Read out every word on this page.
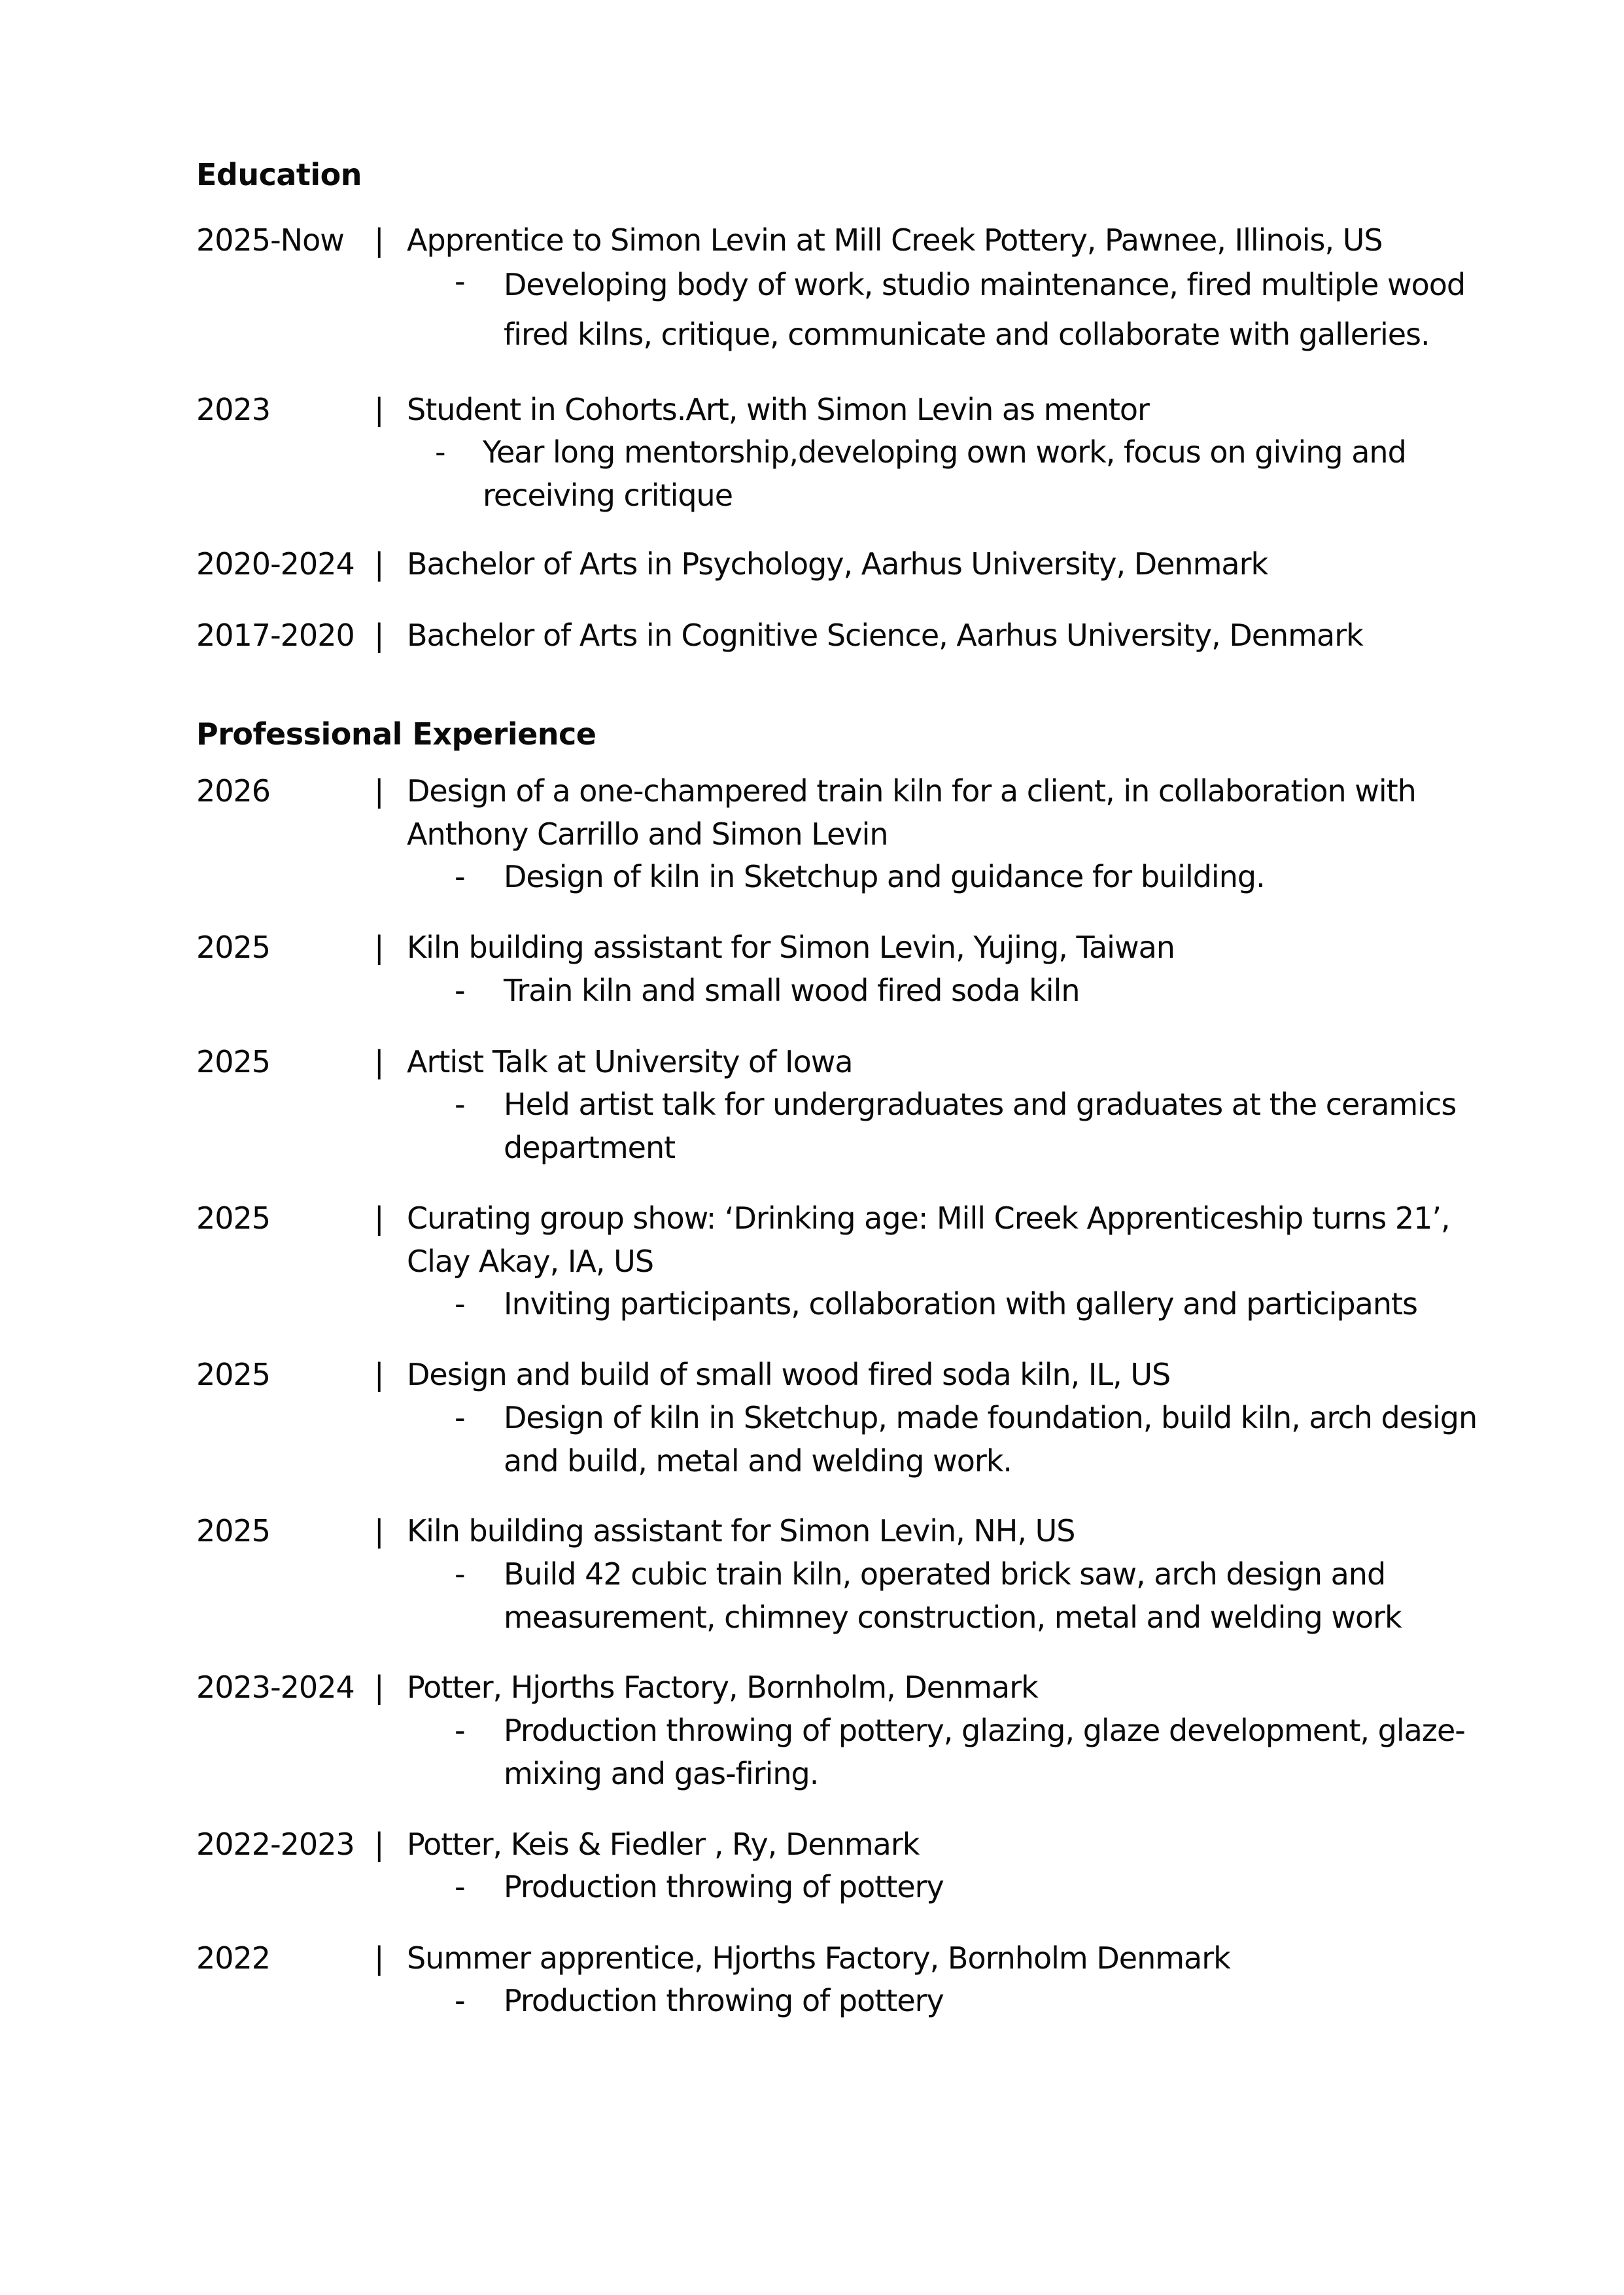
Education
2025-Now | Apprentice to Simon Levin at Mill Creek Pottery, Pawnee, Illinois, US
- Developing body of work, studio maintenance, fired multiple wood fired kilns, critique, communicate and collaborate with galleries.
2023	| Student in Cohorts.Art, with Simon Levin as mentor
- Year long mentorship,developing own work, focus on giving and receiving critique
2020-2024 | Bachelor of Arts in Psychology, Aarhus University, Denmark
2017-2020 | Bachelor of Arts in Cognitive Science, Aarhus University, Denmark
Professional Experience
2026	| Design of a one-champered train kiln for a client, in collaboration with Anthony Carrillo and Simon Levin
- Design of kiln in Sketchup and guidance for building.
2025	| Kiln building assistant for Simon Levin, Yujing, Taiwan
- Train kiln and small wood fired soda kiln
2025	| Artist Talk at University of Iowa
- Held artist talk for undergraduates and graduates at the ceramics department
2025	| Curating group show: ‘Drinking age: Mill Creek Apprenticeship turns 21’, Clay Akay, IA, US
- Inviting participants, collaboration with gallery and participants
2025	| Design and build of small wood fired soda kiln, IL, US
- Design of kiln in Sketchup, made foundation, build kiln, arch design and build, metal and welding work.
2025	| Kiln building assistant for Simon Levin, NH, US
- Build 42 cubic train kiln, operated brick saw, arch design and measurement, chimney construction, metal and welding work
2023-2024 | Potter, Hjorths Factory, Bornholm, Denmark
- Production throwing of pottery, glazing, glaze development, glaze-mixing and gas-firing.
2022-2023 | Potter, Keis & Fiedler , Ry, Denmark
- Production throwing of pottery
2022	| Summer apprentice, Hjorths Factory, Bornholm Denmark
- Production throwing of pottery
